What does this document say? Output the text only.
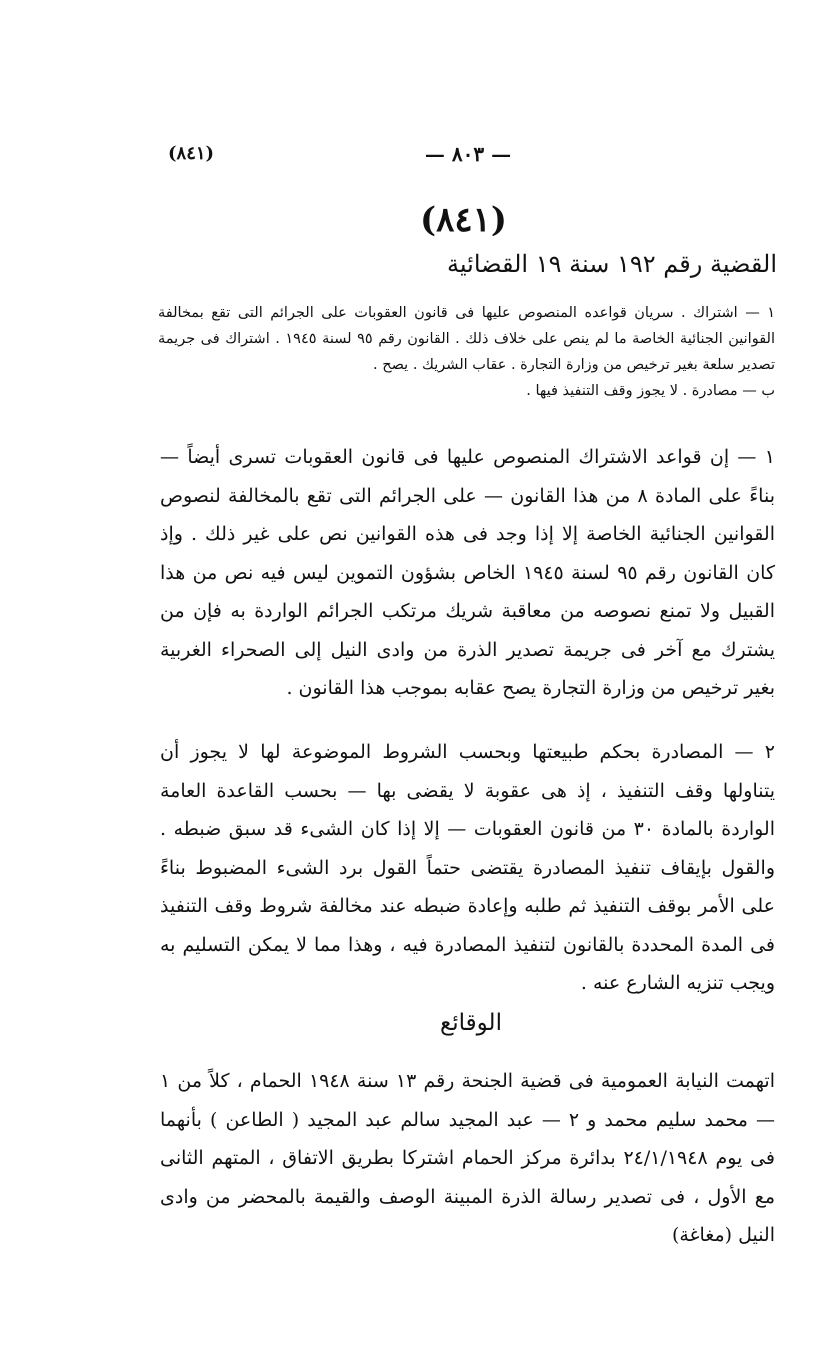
(٨٤١)	— ٨٠٣ —
(٨٤١)
القضية رقم ١٩٢ سنة ١٩ القضائية

١ — اشتراك . سريان قواعده المنصوص عليها فى قانون العقوبات على الجرائم التى تقع بمخالفة القوانين الجنائية الخاصة ما لم ينص على خلاف ذلك . القانون رقم ٩٥ لسنة ١٩٤٥ . اشتراك فى جريمة تصدير سلعة بغير ترخيص من وزارة التجارة . عقاب الشريك . يصح .

ب — مصادرة . لا يجوز وقف التنفيذ فيها .

١ — إن قواعد الاشتراك المنصوص عليها فى قانون العقوبات تسرى أيضاً — بناءً على المادة ٨ من هذا القانون — على الجرائم التى تقع بالمخالفة لنصوص القوانين الجنائية الخاصة إلا إذا وجد فى هذه القوانين نص على غير ذلك . وإذ كان القانون رقم ٩٥ لسنة ١٩٤٥ الخاص بشؤون التموين ليس فيه نص من هذا القبيل ولا تمنع نصوصه من معاقبة شريك مرتكب الجرائم الواردة به فإن من يشترك مع آخر فى جريمة تصدير الذرة من وادى النيل إلى الصحراء الغربية بغير ترخيص من وزارة التجارة يصح عقابه بموجب هذا القانون .

٢ — المصادرة بحكم طبيعتها وبحسب الشروط الموضوعة لها لا يجوز أن يتناولها وقف التنفيذ ، إذ هى عقوبة لا يقضى بها — بحسب القاعدة العامة الواردة بالمادة ٣٠ من قانون العقوبات — إلا إذا كان الشىء قد سبق ضبطه . والقول بإيقاف تنفيذ المصادرة يقتضى حتماً القول برد الشىء المضبوط بناءً على الأمر بوقف التنفيذ ثم طلبه وإعادة ضبطه عند مخالفة شروط وقف التنفيذ فى المدة المحددة بالقانون لتنفيذ المصادرة فيه ، وهذا مما لا يمكن التسليم به ويجب تنزيه الشارع عنه .

الوقائع

اتهمت النيابة العمومية فى قضية الجنحة رقم ١٣ سنة ١٩٤٨ الحمام ، كلاً من ١ — محمد سليم محمد و ٢ — عبد المجيد سالم عبد المجيد ( الطاعن ) بأنهما فى يوم ٢٤/١/١٩٤٨ بدائرة مركز الحمام اشتركا بطريق الاتفاق ، المتهم الثانى مع الأول ، فى تصدير رسالة الذرة المبينة الوصف والقيمة بالمحضر من وادى النيل (مغاغة)
